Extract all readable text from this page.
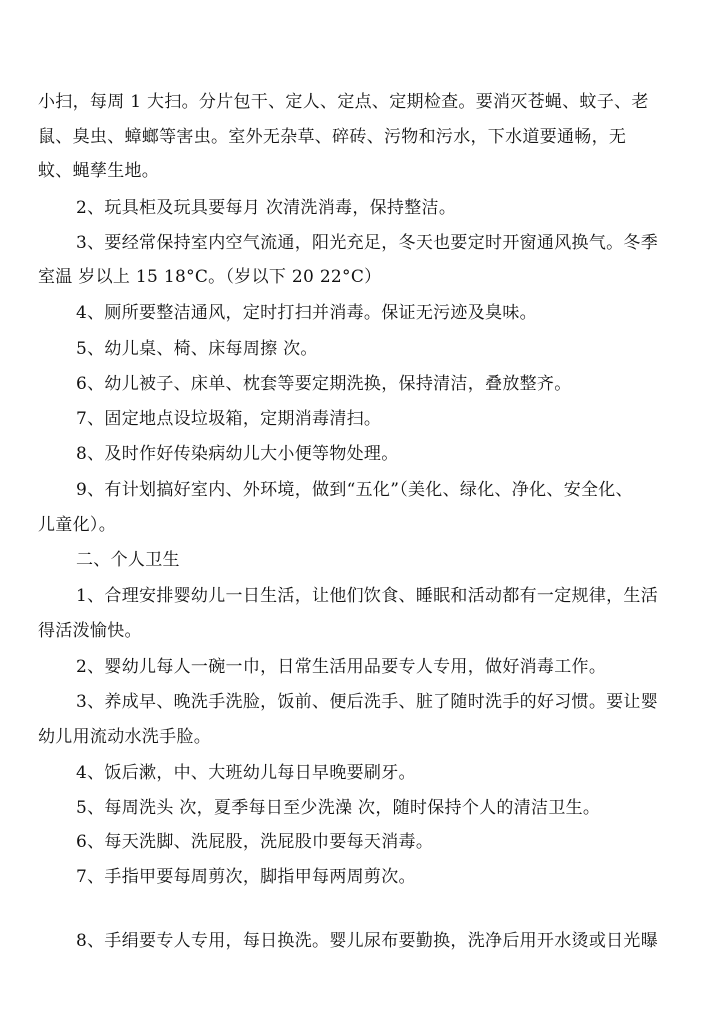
小扫，每周 1 大扫。分片包干、定人、定点、定期检查。要消灭苍蝇、蚊子、老
鼠、臭虫、蟑螂等害虫。室外无杂草、碎砖、污物和污水，下水道要通畅，无
蚊、蝇孳生地。
2、玩具柜及玩具要每月 次清洗消毒，保持整洁。
3、要经常保持室内空气流通，阳光充足，冬天也要定时开窗通风换气。冬季
室温 岁以上 15 18°C。（岁以下 20 22°C）
4、厕所要整洁通风，定时打扫并消毒。保证无污迹及臭味。
5、幼儿桌、椅、床每周擦 次。
6、幼儿被子、床单、枕套等要定期洗换，保持清洁，叠放整齐。
7、固定地点设垃圾箱，定期消毒清扫。
8、及时作好传染病幼儿大小便等物处理。
9、有计划搞好室内、外环境，做到“五化”（美化、绿化、净化、安全化、
儿童化）。
二、个人卫生
1、合理安排婴幼儿一日生活，让他们饮食、睡眠和活动都有一定规律，生活
得活泼愉快。
2、婴幼儿每人一碗一巾，日常生活用品要专人专用，做好消毒工作。
3、养成早、晚洗手洗脸，饭前、便后洗手、脏了随时洗手的好习惯。要让婴
幼儿用流动水洗手脸。
4、饭后漱，中、大班幼儿每日早晚要刷牙。
5、每周洗头 次，夏季每日至少洗澡 次，随时保持个人的清洁卫生。
6、每天洗脚、洗屁股，洗屁股巾要每天消毒。
7、手指甲要每周剪次，脚指甲每两周剪次。
8、手绢要专人专用，每日换洗。婴儿尿布要勤换，洗净后用开水烫或日光曝
